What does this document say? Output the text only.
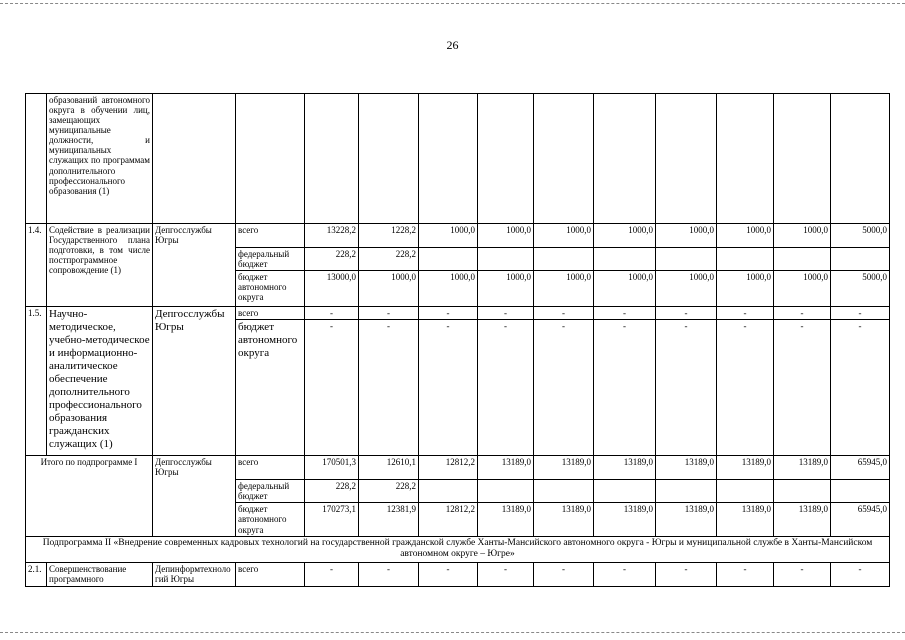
26
	образований автономного округа в обучении лиц, замещающих муниципальные должности, и муниципальных служащих по программам дополнительного профессионального образования (1)												
1.4.	Содействие в реализации Государственного плана подготовки, в том числе постпрограммное сопровождение (1)	Депгосслужбы Югры	всего	13228,2	1228,2	1000,0	1000,0	1000,0	1000,0	1000,0	1000,0	1000,0	5000,0
			федеральный бюджет	228,2	228,2								
			бюджет автономного округа	13000,0	1000,0	1000,0	1000,0	1000,0	1000,0	1000,0	1000,0	1000,0	5000,0
1.5.	Научно-методическое, учебно-методическое и информационно-аналитическое обеспечение дополнительного профессионального образования гражданских служащих (1)	Депгосслужбы Югры	всего	-	-	-	-	-	-	-	-	-	-
			бюджет автономного округа	-	-	-	-	-	-	-	-	-	-
Итого по подпрограмме I		Депгосслужбы Югры	всего	170501,3	12610,1	12812,2	13189,0	13189,0	13189,0	13189,0	13189,0	13189,0	65945,0
			федеральный бюджет	228,2	228,2								
			бюджет автономного округа	170273,1	12381,9	12812,2	13189,0	13189,0	13189,0	13189,0	13189,0	13189,0	65945,0
Подпрограмма II «Внедрение современных кадровых технологий на государственной гражданской службе Ханты-Мансийского автономного округа - Югры и муниципальной службе в Ханты-Мансийском автономном округе – Югре»													
2.1.	Совершенствование программного	Депинформтехнологий Югры	всего	-	-	-	-	-	-	-	-	-	-
